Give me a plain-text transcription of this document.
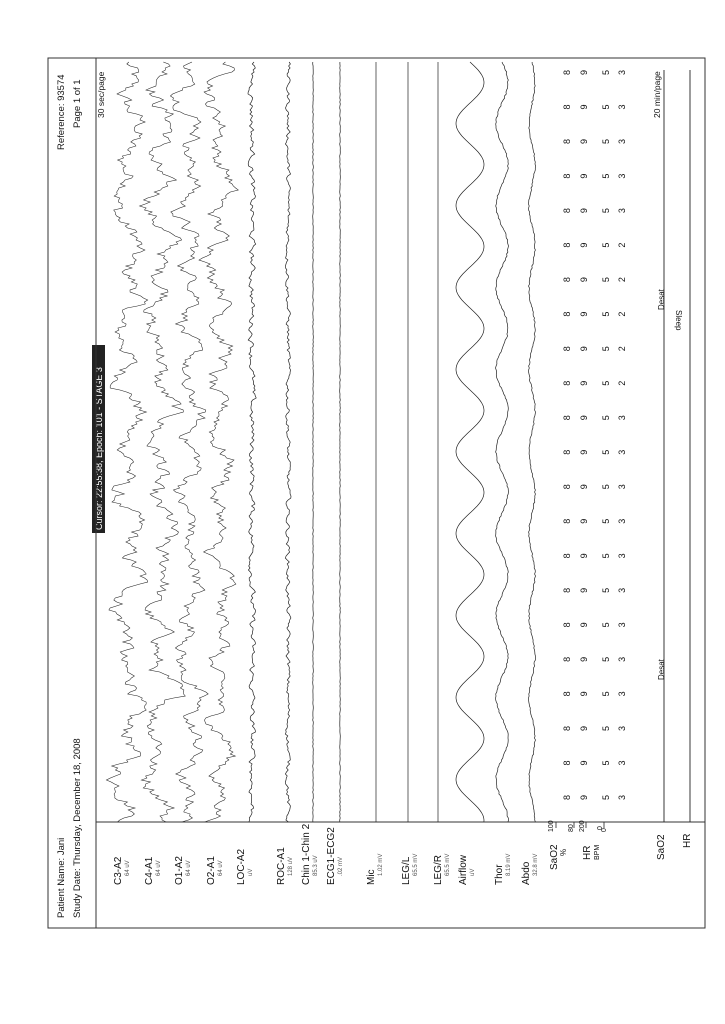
Patient Name: Jani Study Date: Thursday, December 18, 2008
Reference: 93574 Page 1 of 1 30 sec/page
Cursor: 22:55:38, Epoch: 101 - STAGE 3
C3-A2 64 uV C4-A1 64 uV O1-A2 64 uV O2-A1 64 uV LOC-A2 uV ROC-A1 128 uV Chin 1-Chin 2 85.3 uV ECG1-ECG2 .02 mV
Mic
1.02 mV LEG/L 65.5 mV LEG/R 65.5 mV Airflow uV Thor 8.19 mV Abdo 32.8 mV
8 9
8 9
8 9
8 9
8 9
8 9
8 9
8 9
8 9
8 9
8 9
8 9
8 9
8 9
8 9
8 9
8 9
8 9
8 9
8 9
8 9
8 9
5 3
5 3
5 3
5 3
5 3
5 3
5 3
5 3
5 3
5 3
5 3
5 3
5 2
5 2
5 2
5 2
5 2
5 3
5 3
5 3
5 3
5 3
SaO2 % HR BPM
100 80	0
200 0
20 min/page
Desat
Desat
Sleep
SaO2 HR
